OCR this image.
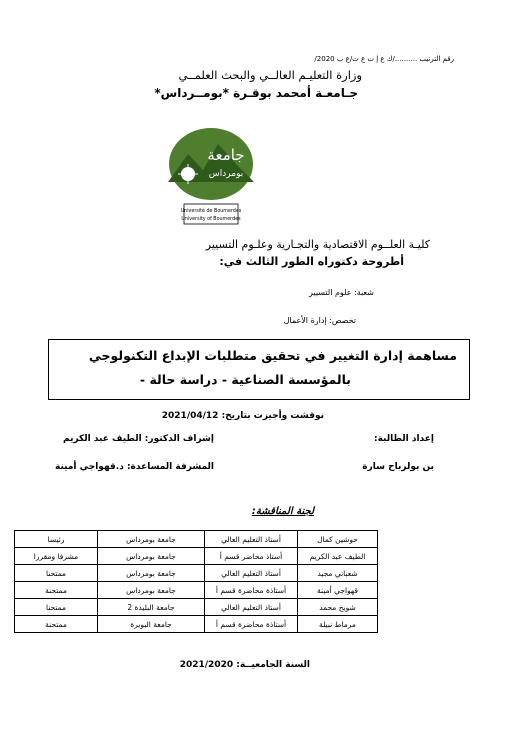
رقم الترتيب ........../ك ع إ ت ع ت/ع ب 2020/
وزارة التعليـم العالــي والبحث العلمــي
جـامعـة أمحمد بوقـرة *بومــرداس*
جامعة
بومرداس
Université de Boumerdes
University of Boumerdes
كليـة العلــوم الاقتصادية والتجـارية وعلـوم التسيير
أطروحة دكتوراه الطور الثالث في:
شعبة: علوم التسيير
تخصص: إدارة الأعمال
مساهمة إدارة التغيير في تحقيق متطلبات الإبداع التكنولوجي
بالمؤسسة الصناعية - دراسة حالة -
نوقشت وأجيزت بتاريخ: 2021/04/12
إعداد الطالبة:
إشراف الدكتور: الطيف عبد الكريم
بن بولرباح سارة
المشرفة المساعدة: د.قهواجي أمينة
لجنة المناقشة:
حوشين كمال	أستاذ التعليم العالي	جامعة بومرداس	رئيسا
الطيف عبد الكريم	أستاذ محاضر قسم أ	جامعة بومرداس	مشرفا ومقررا
شعباني مجيد	أستاذ التعليم العالي	جامعة بومرداس	ممتحنا
قهواجي أمينة	أستاذة محاضرة قسم أ	جامعة بومرداس	ممتحنة
شويخ محمد	أستاذ التعليم العالي	جامعة البليدة 2	ممتحنا
مرماط نبيلة	أستاذة محاضرة قسم أ	جامعة البويرة	ممتحنة
السنة الجامعيــة: 2021/2020
